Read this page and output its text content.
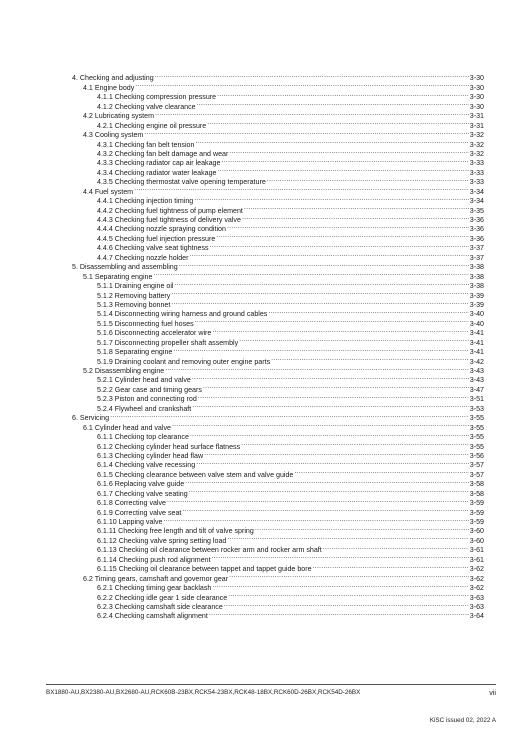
4. Checking and adjusting .....	3-30
4.1 Engine body .....	3-30
4.1.1 Checking compression pressure .....	3-30
4.1.2 Checking valve clearance .....	3-30
4.2 Lubricating system .....	3-31
4.2.1 Checking engine oil pressure .....	3-31
4.3 Cooling system .....	3-32
4.3.1 Checking fan belt tension .....	3-32
4.3.2 Checking fan belt damage and wear .....	3-32
4.3.3 Checking radiator cap air leakage .....	3-33
4.3.4 Checking radiator water leakage .....	3-33
4.3.5 Checking thermostat valve opening temperature .....	3-33
4.4 Fuel system .....	3-34
4.4.1 Checking injection timing .....	3-34
4.4.2 Checking fuel tightness of pump element .....	3-35
4.4.3 Checking fuel tightness of delivery valve .....	3-36
4.4.4 Checking nozzle spraying condition .....	3-36
4.4.5 Checking fuel injection pressure .....	3-36
4.4.6 Checking valve seat tightness .....	3-37
4.4.7 Checking nozzle holder .....	3-37
5. Disassembling and assembling .....	3-38
5.1 Separating engine .....	3-38
5.1.1 Draining engine oil .....	3-38
5.1.2 Removing battery .....	3-39
5.1.3 Removing bonnet .....	3-39
5.1.4 Disconnecting wiring harness and ground cables .....	3-40
5.1.5 Disconnecting fuel hoses .....	3-40
5.1.6 Disconnecting accelerator wire .....	3-41
5.1.7 Disconnecting propeller shaft assembly .....	3-41
5.1.8 Separating engine .....	3-41
5.1.9 Draining coolant and removing outer engine parts .....	3-42
5.2 Disassembling engine .....	3-43
5.2.1 Cylinder head and valve .....	3-43
5.2.2 Gear case and timing gears .....	3-47
5.2.3 Piston and connecting rod .....	3-51
5.2.4 Flywheel and crankshaft .....	3-53
6. Servicing .....	3-55
6.1 Cylinder head and valve .....	3-55
6.1.1 Checking top clearance .....	3-55
6.1.2 Checking cylinder head surface flatness .....	3-55
6.1.3 Checking cylinder head flaw .....	3-56
6.1.4 Checking valve recessing .....	3-57
6.1.5 Checking clearance between valve stem and valve guide .....	3-57
6.1.6 Replacing valve guide .....	3-58
6.1.7 Checking valve seating .....	3-58
6.1.8 Correcting valve .....	3-59
6.1.9 Correcting valve seat .....	3-59
6.1.10 Lapping valve .....	3-59
6.1.11 Checking free length and tilt of valve spring .....	3-60
6.1.12 Checking valve spring setting load .....	3-60
6.1.13 Checking oil clearance between rocker arm and rocker arm shaft .....	3-61
6.1.14 Checking push rod alignment .....	3-61
6.1.15 Checking oil clearance between tappet and tappet guide bore .....	3-62
6.2 Timing gears, camshaft and governor gear .....	3-62
6.2.1 Checking timing gear backlash .....	3-62
6.2.2 Checking idle gear 1 side clearance .....	3-63
6.2.3 Checking camshaft side clearance .....	3-63
6.2.4 Checking camshaft alignment .....	3-64
BX1880-AU,BX2380-AU,BX2680-AU,RCK60B-23BX,RCK54-23BX,RCK48-18BX,RCK60D-26BX,RCK54D-26BX	vii
KiSC issued 02, 2022 A
